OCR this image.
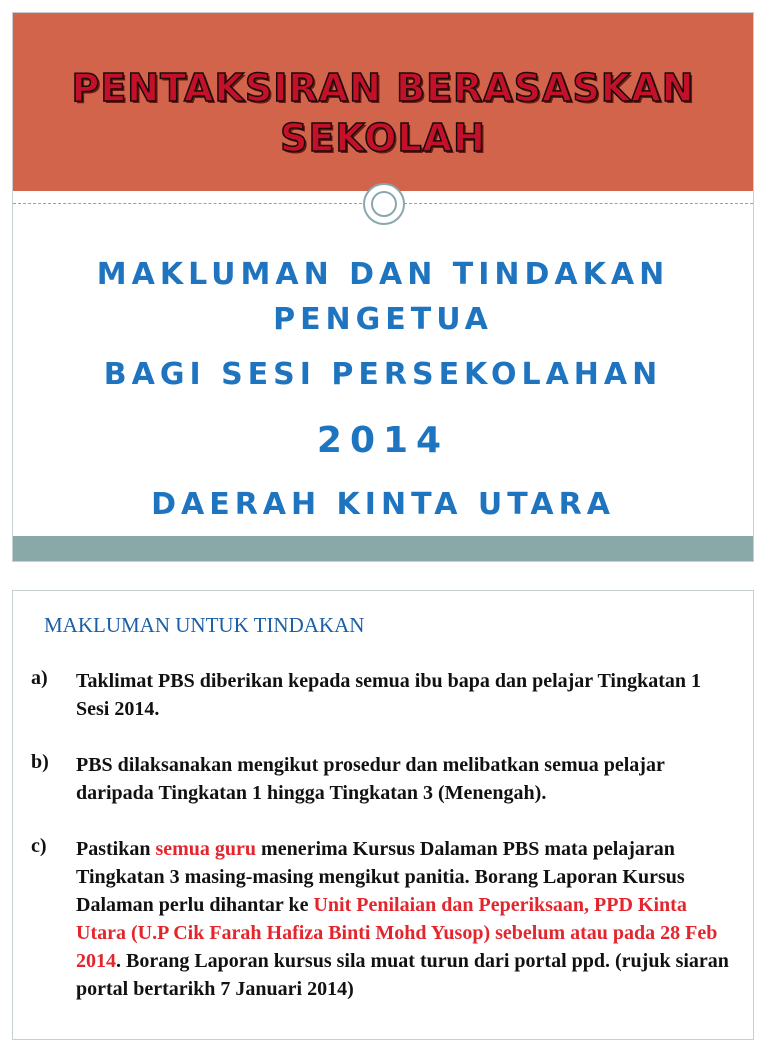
PENTAKSIRAN BERASASKAN
SEKOLAH
MAKLUMAN DAN TINDAKAN
PENGETUA
BAGI SESI PERSEKOLAHAN
2014
DAERAH KINTA UTARA
MAKLUMAN UNTUK TINDAKAN
a) Taklimat PBS diberikan kepada semua ibu bapa dan pelajar Tingkatan 1 Sesi 2014.
b) PBS dilaksanakan mengikut prosedur dan melibatkan semua pelajar daripada Tingkatan 1 hingga Tingkatan 3 (Menengah).
c) Pastikan semua guru menerima Kursus Dalaman PBS mata pelajaran Tingkatan 3 masing-masing mengikut panitia. Borang Laporan Kursus Dalaman perlu dihantar ke Unit Penilaian dan Peperiksaan, PPD Kinta Utara (U.P Cik Farah Hafiza Binti Mohd Yusop) sebelum atau pada 28 Feb 2014. Borang Laporan kursus sila muat turun dari portal ppd. (rujuk siaran portal bertarikh 7 Januari 2014)
